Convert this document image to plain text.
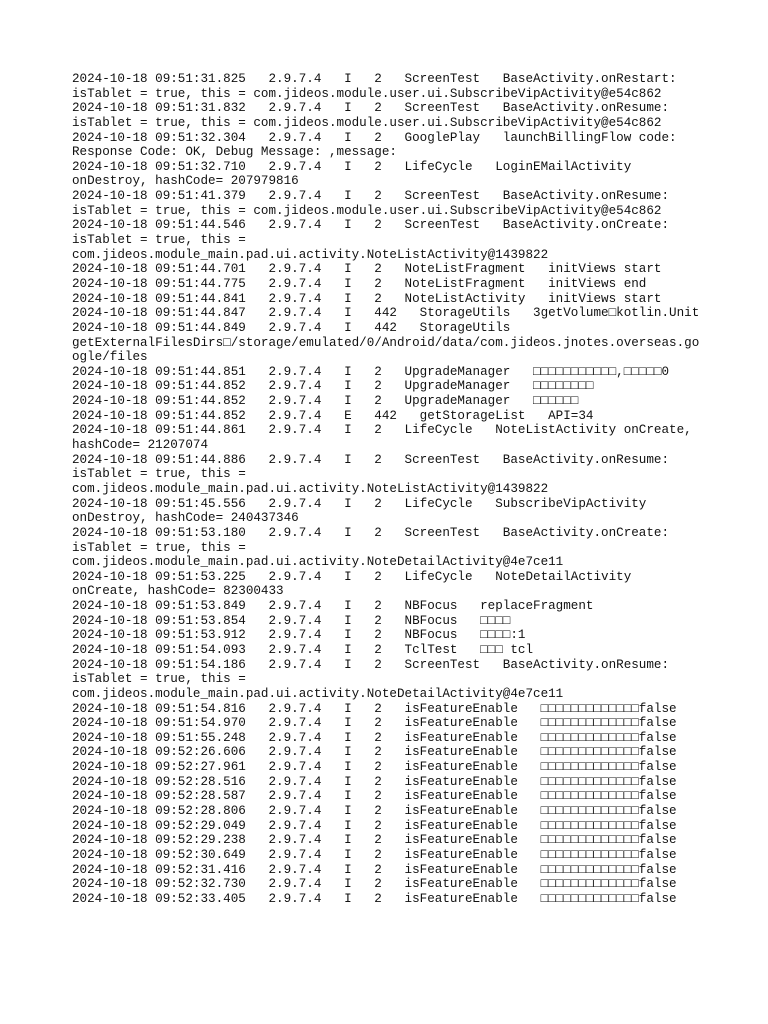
2024-10-18 09:51:31.825   2.9.7.4   I   2   ScreenTest   BaseActivity.onRestart:
isTablet = true, this = com.jideos.module.user.ui.SubscribeVipActivity@e54c862
2024-10-18 09:51:31.832   2.9.7.4   I   2   ScreenTest   BaseActivity.onResume:
isTablet = true, this = com.jideos.module.user.ui.SubscribeVipActivity@e54c862
2024-10-18 09:51:32.304   2.9.7.4   I   2   GooglePlay   launchBillingFlow code:
Response Code: OK, Debug Message: ,message:
2024-10-18 09:51:32.710   2.9.7.4   I   2   LifeCycle   LoginEMailActivity
onDestroy, hashCode= 207979816
2024-10-18 09:51:41.379   2.9.7.4   I   2   ScreenTest   BaseActivity.onResume:
isTablet = true, this = com.jideos.module.user.ui.SubscribeVipActivity@e54c862
2024-10-18 09:51:44.546   2.9.7.4   I   2   ScreenTest   BaseActivity.onCreate:
isTablet = true, this =
com.jideos.module_main.pad.ui.activity.NoteListActivity@1439822
2024-10-18 09:51:44.701   2.9.7.4   I   2   NoteListFragment   initViews start
2024-10-18 09:51:44.775   2.9.7.4   I   2   NoteListFragment   initViews end
2024-10-18 09:51:44.841   2.9.7.4   I   2   NoteListActivity   initViews start
2024-10-18 09:51:44.847   2.9.7.4   I   442   StorageUtils   3getVolume□kotlin.Unit
2024-10-18 09:51:44.849   2.9.7.4   I   442   StorageUtils
getExternalFilesDirs□/storage/emulated/0/Android/data/com.jideos.jnotes.overseas.go
ogle/files
2024-10-18 09:51:44.851   2.9.7.4   I   2   UpgradeManager   □□□□□□□□□□□,□□□□□0
2024-10-18 09:51:44.852   2.9.7.4   I   2   UpgradeManager   □□□□□□□□
2024-10-18 09:51:44.852   2.9.7.4   I   2   UpgradeManager   □□□□□□
2024-10-18 09:51:44.852   2.9.7.4   E   442   getStorageList   API=34
2024-10-18 09:51:44.861   2.9.7.4   I   2   LifeCycle   NoteListActivity onCreate,
hashCode= 21207074
2024-10-18 09:51:44.886   2.9.7.4   I   2   ScreenTest   BaseActivity.onResume:
isTablet = true, this =
com.jideos.module_main.pad.ui.activity.NoteListActivity@1439822
2024-10-18 09:51:45.556   2.9.7.4   I   2   LifeCycle   SubscribeVipActivity
onDestroy, hashCode= 240437346
2024-10-18 09:51:53.180   2.9.7.4   I   2   ScreenTest   BaseActivity.onCreate:
isTablet = true, this =
com.jideos.module_main.pad.ui.activity.NoteDetailActivity@4e7ce11
2024-10-18 09:51:53.225   2.9.7.4   I   2   LifeCycle   NoteDetailActivity
onCreate, hashCode= 82300433
2024-10-18 09:51:53.849   2.9.7.4   I   2   NBFocus   replaceFragment
2024-10-18 09:51:53.854   2.9.7.4   I   2   NBFocus   □□□□
2024-10-18 09:51:53.912   2.9.7.4   I   2   NBFocus   □□□□:1
2024-10-18 09:51:54.093   2.9.7.4   I   2   TclTest   □□□ tcl
2024-10-18 09:51:54.186   2.9.7.4   I   2   ScreenTest   BaseActivity.onResume:
isTablet = true, this =
com.jideos.module_main.pad.ui.activity.NoteDetailActivity@4e7ce11
2024-10-18 09:51:54.816   2.9.7.4   I   2   isFeatureEnable   □□□□□□□□□□□□□false
2024-10-18 09:51:54.970   2.9.7.4   I   2   isFeatureEnable   □□□□□□□□□□□□□false
2024-10-18 09:51:55.248   2.9.7.4   I   2   isFeatureEnable   □□□□□□□□□□□□□false
2024-10-18 09:52:26.606   2.9.7.4   I   2   isFeatureEnable   □□□□□□□□□□□□□false
2024-10-18 09:52:27.961   2.9.7.4   I   2   isFeatureEnable   □□□□□□□□□□□□□false
2024-10-18 09:52:28.516   2.9.7.4   I   2   isFeatureEnable   □□□□□□□□□□□□□false
2024-10-18 09:52:28.587   2.9.7.4   I   2   isFeatureEnable   □□□□□□□□□□□□□false
2024-10-18 09:52:28.806   2.9.7.4   I   2   isFeatureEnable   □□□□□□□□□□□□□false
2024-10-18 09:52:29.049   2.9.7.4   I   2   isFeatureEnable   □□□□□□□□□□□□□false
2024-10-18 09:52:29.238   2.9.7.4   I   2   isFeatureEnable   □□□□□□□□□□□□□false
2024-10-18 09:52:30.649   2.9.7.4   I   2   isFeatureEnable   □□□□□□□□□□□□□false
2024-10-18 09:52:31.416   2.9.7.4   I   2   isFeatureEnable   □□□□□□□□□□□□□false
2024-10-18 09:52:32.730   2.9.7.4   I   2   isFeatureEnable   □□□□□□□□□□□□□false
2024-10-18 09:52:33.405   2.9.7.4   I   2   isFeatureEnable   □□□□□□□□□□□□□false
